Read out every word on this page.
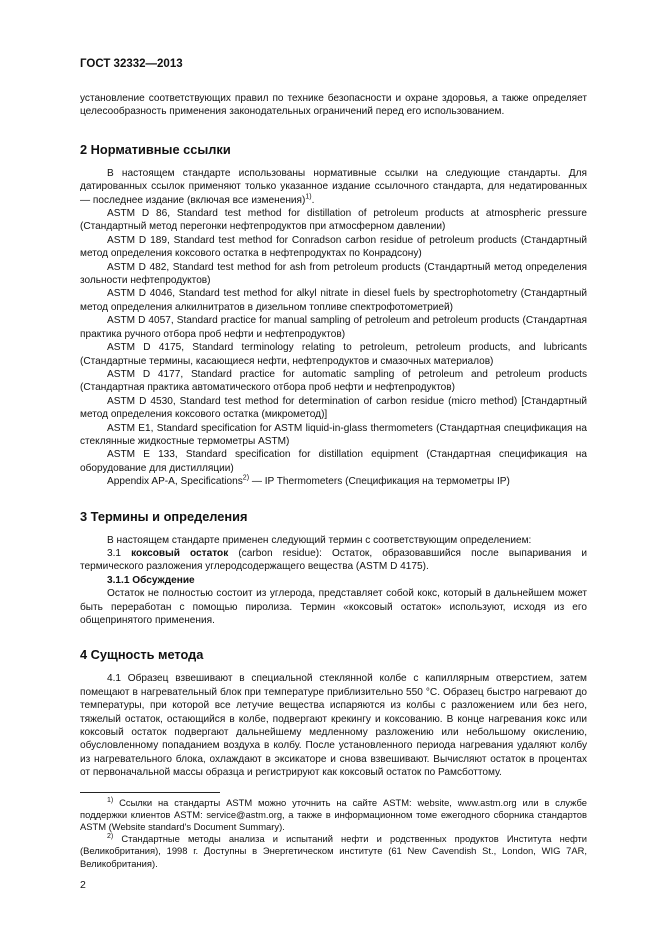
ГОСТ 32332—2013

установление соответствующих правил по технике безопасности и охране здоровья, а также определяет целесообразность применения законодательных ограничений перед его использованием.

2 Нормативные ссылки

В настоящем стандарте использованы нормативные ссылки на следующие стандарты. Для датированных ссылок применяют только указанное издание ссылочного стандарта, для недатированных — последнее издание (включая все изменения)$^{1)}$.

ASTM D 86, Standard test method for distillation of petroleum products at atmospheric pressure (Стандартный метод перегонки нефтепродуктов при атмосферном давлении)

ASTM D 189, Standard test method for Conradson carbon residue of petroleum products (Стандартный метод определения коксового остатка в нефтепродуктах по Конрадсону)

ASTM D 482, Standard test method for ash from petroleum products (Стандартный метод определения зольности нефтепродуктов)

ASTM D 4046, Standard test method for alkyl nitrate in diesel fuels by spectrophotometry (Стандартный метод определения алкилнитратов в дизельном топливе спектрофотометрией)

ASTM D 4057, Standard practice for manual sampling of petroleum and petroleum products (Стандартная практика ручного отбора проб нефти и нефтепродуктов)

ASTM D 4175, Standard terminology relating to petroleum, petroleum products, and lubricants (Стандартные термины, касающиеся нефти, нефтепродуктов и смазочных материалов)

ASTM D 4177, Standard practice for automatic sampling of petroleum and petroleum products (Стандартная практика автоматического отбора проб нефти и нефтепродуктов)

ASTM D 4530, Standard test method for determination of carbon residue (micro method) [Стандартный метод определения коксового остатка (микрометод)]

ASTM E1, Standard specification for ASTM liquid-in-glass thermometers (Стандартная спецификация на стеклянные жидкостные термометры ASTM)

ASTM E 133, Standard specification for distillation equipment (Стандартная спецификация на оборудование для дистилляции)

Appendix AP-A, Specifications$^{2)}$ — IP Thermometers (Спецификация на термометры IP)

3 Термины и определения

В настоящем стандарте применен следующий термин с соответствующим определением:

3.1 коксовый остаток (carbon residue): Остаток, образовавшийся после выпаривания и термического разложения углеродсодержащего вещества (ASTM D 4175).

3.1.1 Обсуждение

Остаток не полностью состоит из углерода, представляет собой кокс, который в дальнейшем может быть переработан с помощью пиролиза. Термин «коксовый остаток» используют, исходя из его общепринятого применения.

4 Сущность метода

4.1 Образец взвешивают в специальной стеклянной колбе с капиллярным отверстием, затем помещают в нагревательный блок при температуре приблизительно 550 °С. Образец быстро нагревают до температуры, при которой все летучие вещества испаряются из колбы с разложением или без него, тяжелый остаток, остающийся в колбе, подвергают крекингу и коксованию. В конце нагревания кокс или коксовый остаток подвергают дальнейшему медленному разложению или небольшому окислению, обусловленному попаданием воздуха в колбу. После установленного периода нагревания удаляют колбу из нагревательного блока, охлаждают в эксикаторе и снова взвешивают. Вычисляют остаток в процентах от первоначальной массы образца и регистрируют как коксовый остаток по Рамсботтому.

$^{1)}$ Ссылки на стандарты ASTM можно уточнить на сайте ASTM: website, www.astm.org или в службе поддержки клиентов ASTM: service@astm.org, а также в информационном томе ежегодного сборника стандартов ASTM (Website standard's Document Summary).

$^{2)}$ Стандартные методы анализа и испытаний нефти и родственных продуктов Института нефти (Великобритания), 1998 г. Доступны в Энергетическом институте (61 New Cavendish St., London, WIG 7AR, Великобритания).

2
